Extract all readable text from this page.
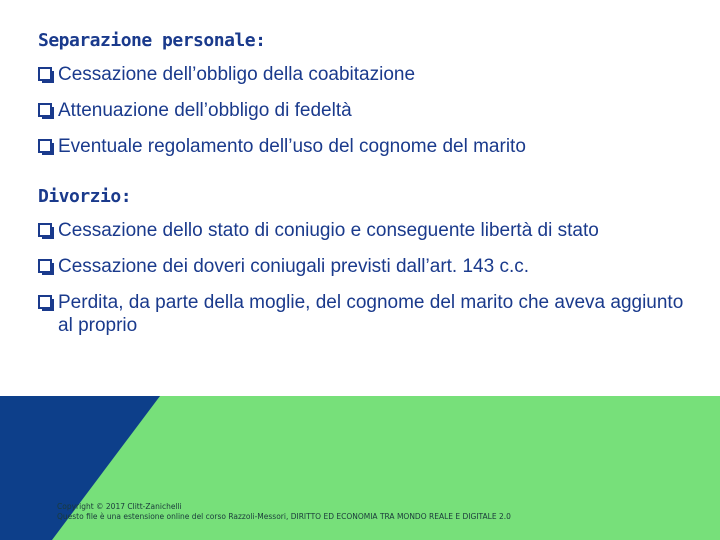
Separazione personale:
Cessazione dell’obbligo della coabitazione
Attenuazione dell’obbligo di fedeltà
Eventuale regolamento dell’uso del cognome del marito
Divorzio:
Cessazione dello stato di coniugio e conseguente libertà di stato
Cessazione dei doveri coniugali previsti dall’art. 143 c.c.
Perdita, da parte della moglie, del cognome del marito che aveva aggiunto al proprio
Copyright © 2017 Clitt-Zanichelli
Questo file è una estensione online del corso Razzoli-Messori, DIRITTO ED ECONOMIA TRA MONDO REALE E DIGITALE 2.0
